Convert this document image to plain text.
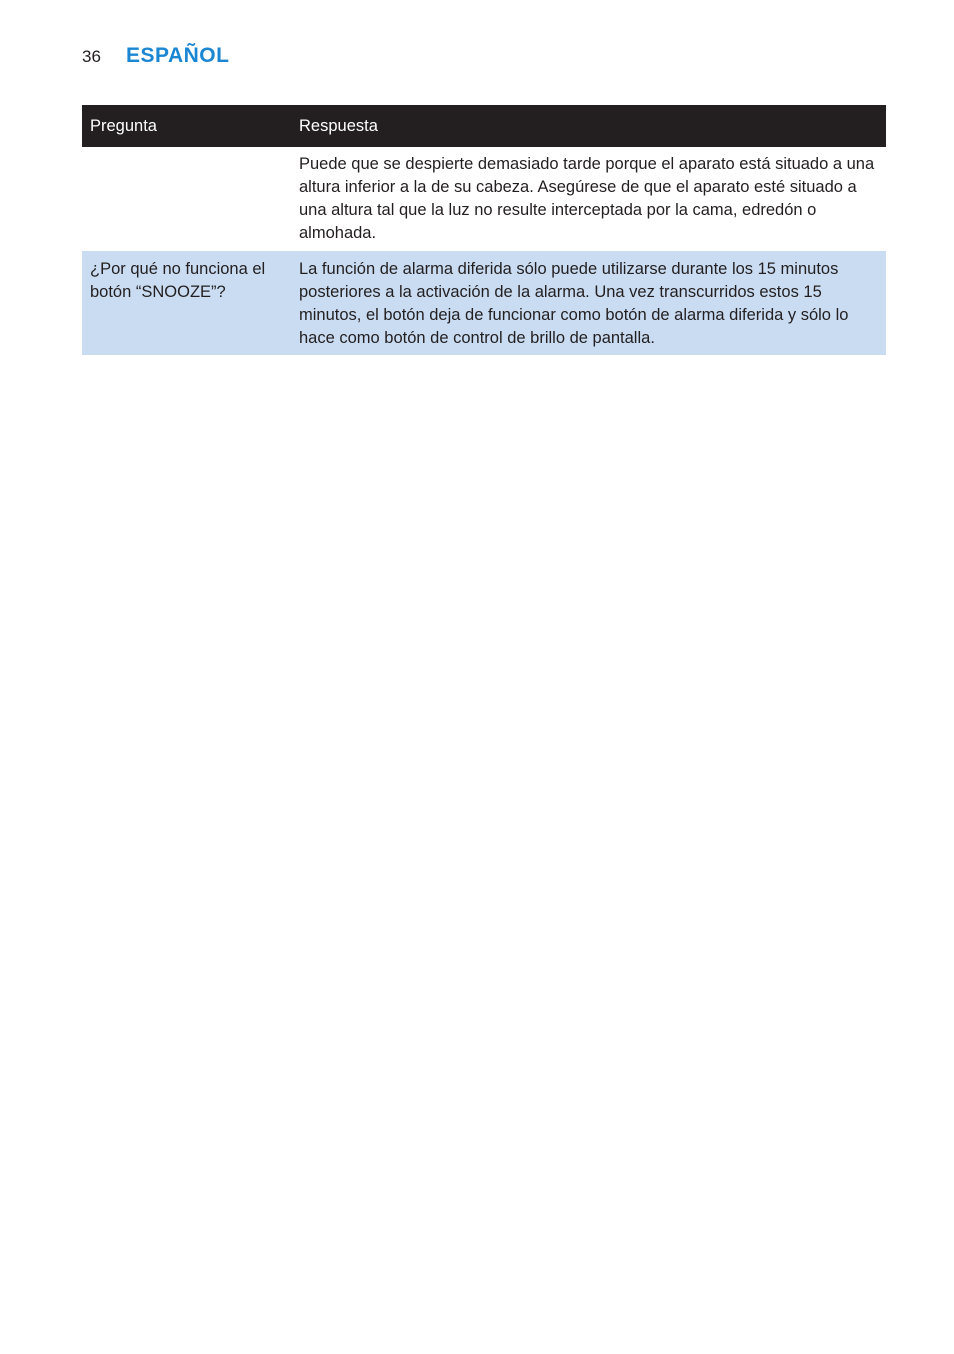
36	ESPAÑOL
Pregunta	Respuesta
	Puede que se despierte demasiado tarde porque el aparato está situado a una altura inferior a la de su cabeza. Asegúrese de que el aparato esté situado a una altura tal que la luz no resulte interceptada por la cama, edredón o almohada.
¿Por qué no funciona el botón “SNOOZE”?	La función de alarma diferida sólo puede utilizarse durante los 15 minutos posteriores a la activación de la alarma. Una vez transcurridos estos 15 minutos, el botón deja de funcionar como botón de alarma diferida y sólo lo hace como botón de control de brillo de pantalla.
